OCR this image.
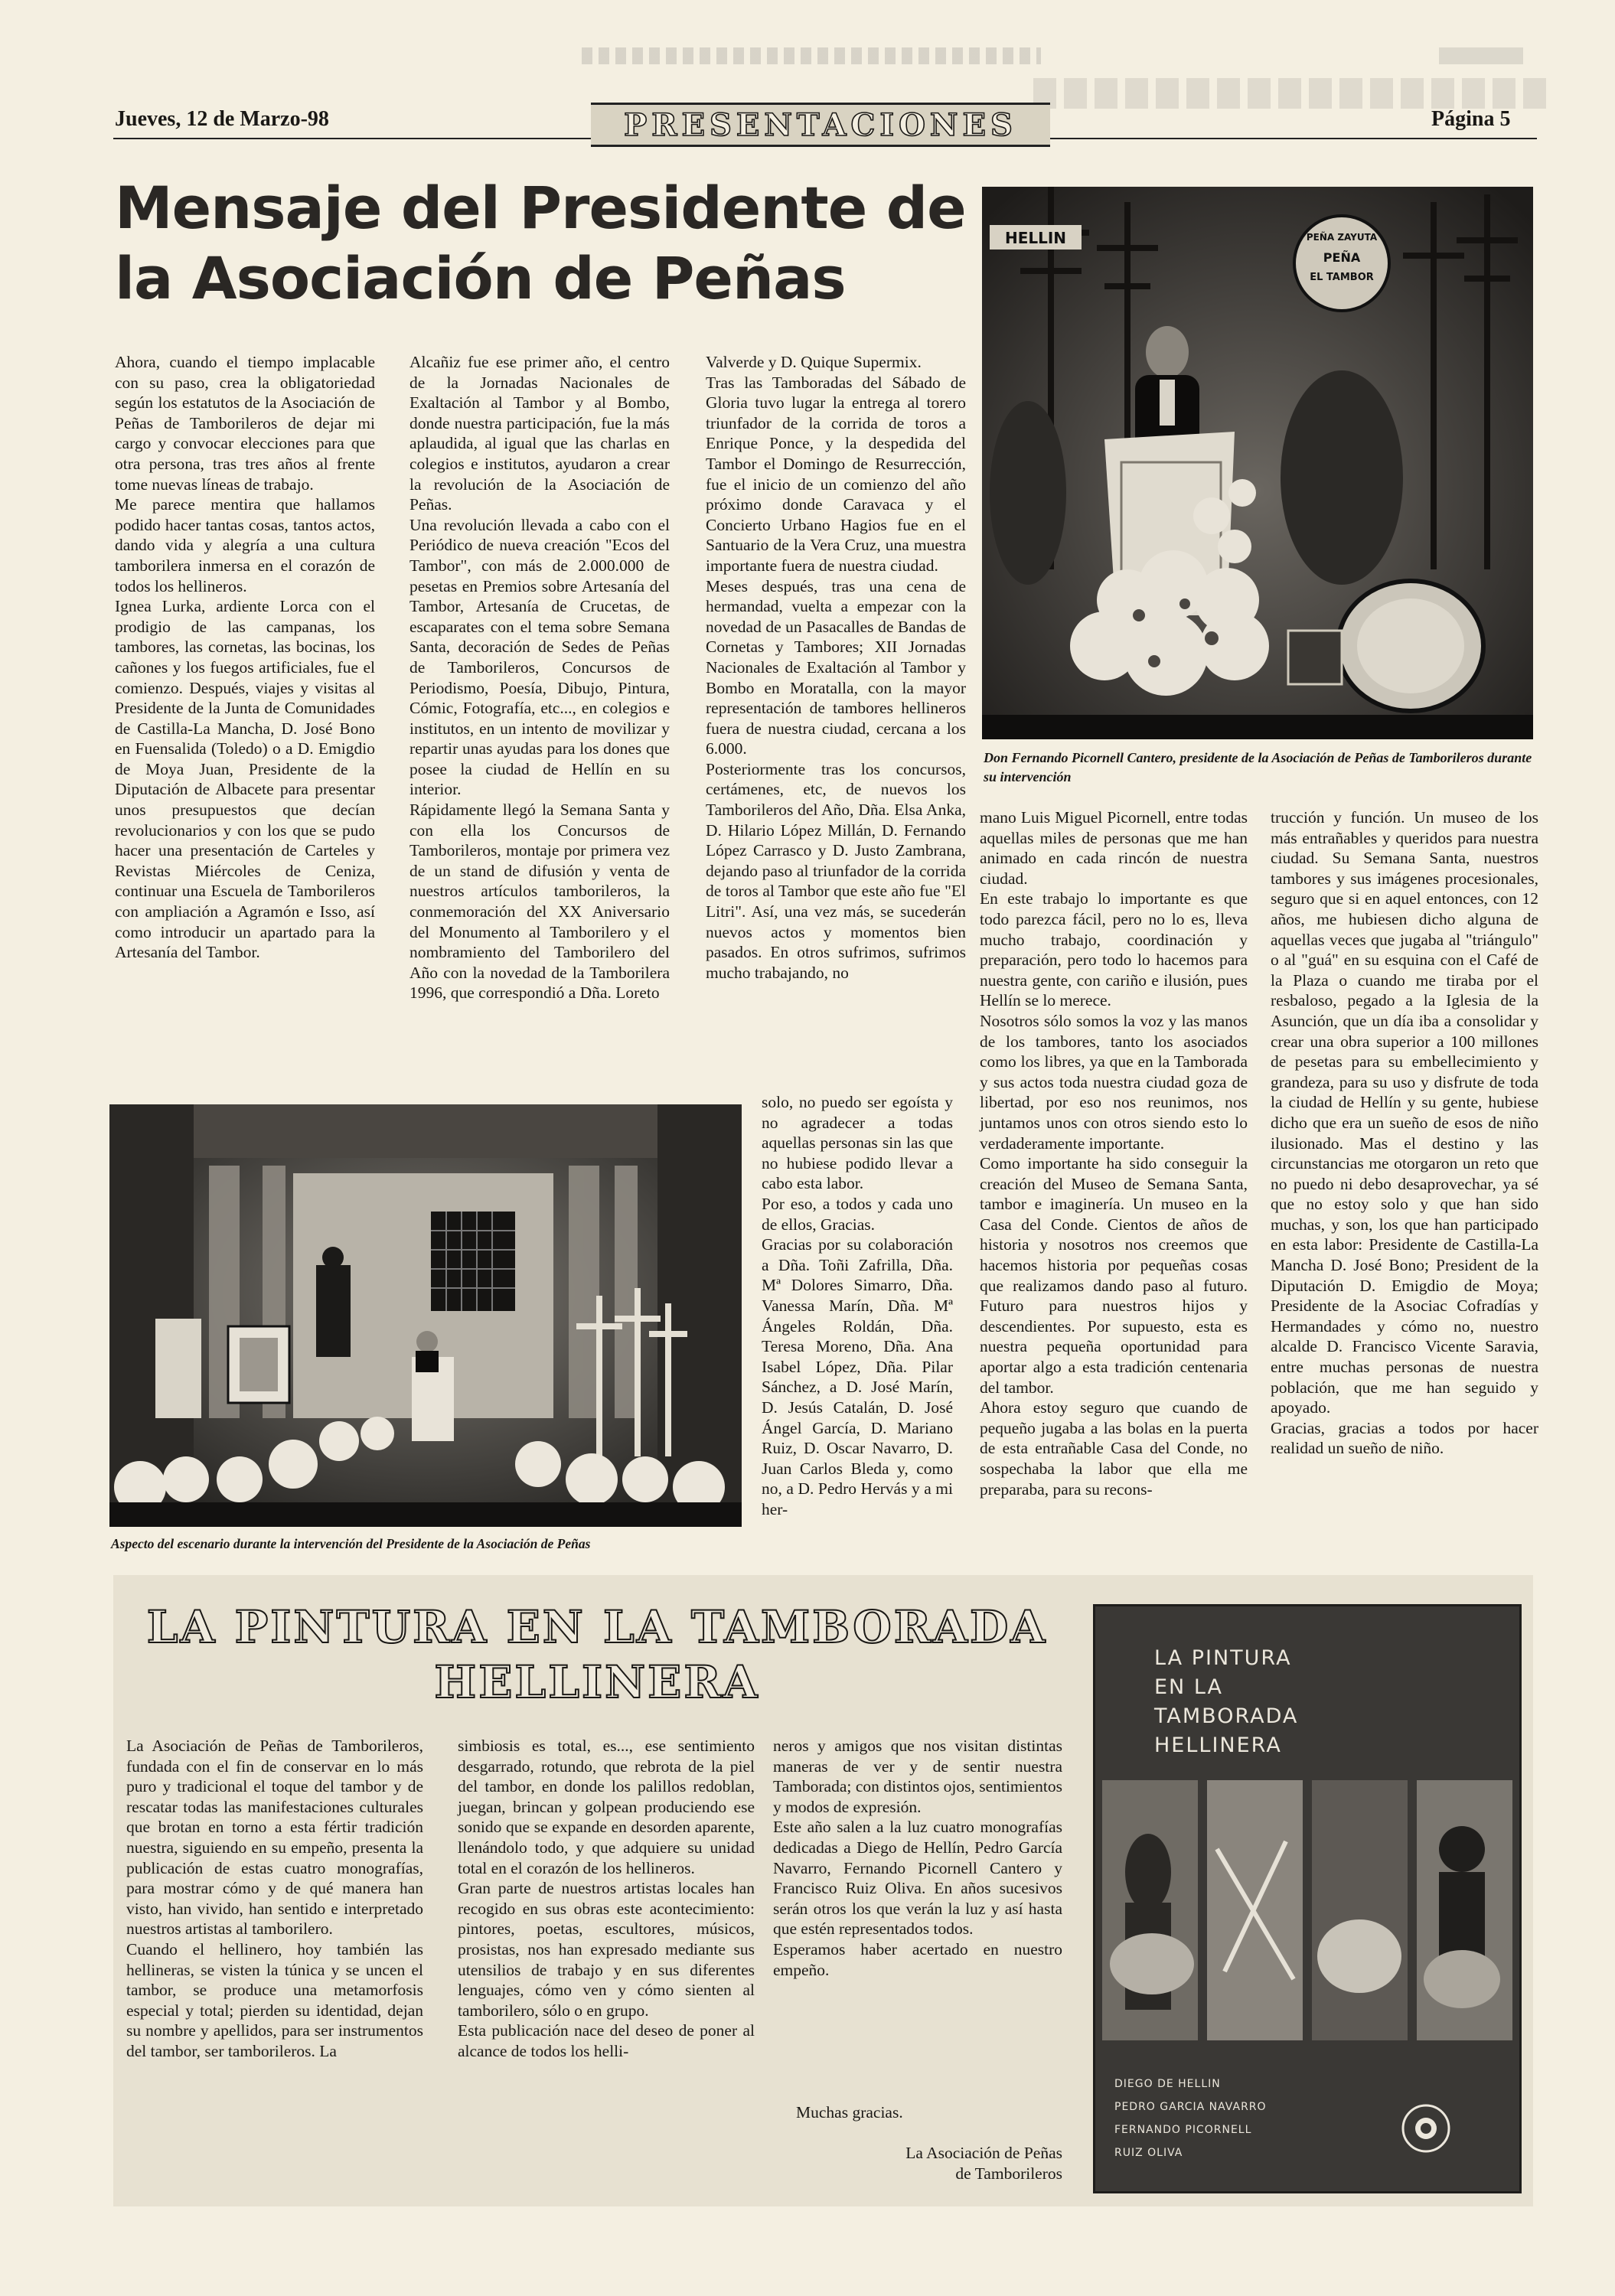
Jueves, 12 de Marzo-98	PRESENTACIONES	Página 5
Mensaje del Presidente de
la Asociación de Peñas
Ahora, cuando el tiempo implacable con su paso, crea la obligatoriedad según los estatutos de la Asociación de Peñas de Tamborileros de dejar mi cargo y convocar elecciones para que otra persona, tras tres años al frente tome nuevas líneas de trabajo.
Me parece mentira que hallamos podido hacer tantas cosas, tantos actos, dando vida y alegría a una cultura tamborilera inmersa en el corazón de todos los hellineros.
Ignea Lurka, ardiente Lorca con el prodigio de las campanas, los tambores, las cornetas, las bocinas, los cañones y los fuegos artificiales, fue el comienzo. Después, viajes y visitas al Presidente de la Junta de Comunidades de Castilla-La Mancha, D. José Bono en Fuensalida (Toledo) o a D. Emigdio de Moya Juan, Presidente de la Diputación de Albacete para presentar unos presupuestos que decían revolucionarios y con los que se pudo hacer una presentación de Carteles y Revistas Miércoles de Ceniza, continuar una Escuela de Tamborileros con ampliación a Agramón e Isso, así como introducir un apartado para la Artesanía del Tambor.
Alcañiz fue ese primer año, el centro de la Jornadas Nacionales de Exaltación al Tambor y al Bombo, donde nuestra participación, fue la más aplaudida, al igual que las charlas en colegios e institutos, ayudaron a crear la revolución de la Asociación de Peñas.
Una revolución llevada a cabo con el Periódico de nueva creación "Ecos del Tambor", con más de 2.000.000 de pesetas en Premios sobre Artesanía del Tambor, Artesanía de Crucetas, de escaparates con el tema sobre Semana Santa, decoración de Sedes de Peñas de Tamborileros, Concursos de Periodismo, Poesía, Dibujo, Pintura, Cómic, Fotografía, etc..., en colegios e institutos, en un intento de movilizar y repartir unas ayudas para los dones que posee la ciudad de Hellín en su interior.
Rápidamente llegó la Semana Santa y con ella los Concursos de Tamborileros, montaje por primera vez de un stand de difusión y venta de nuestros artículos tamborileros, la conmemoración del XX Aniversario del Monumento al Tamborilero y el nombramiento del Tamborilero del Año con la novedad de la Tamborilera 1996, que correspondió a Dña. Loreto
Valverde y D. Quique Supermix.
Tras las Tamboradas del Sábado de Gloria tuvo lugar la entrega al torero triunfador de la corrida de toros a Enrique Ponce, y la despedida del Tambor el Domingo de Resurrección, fue el inicio de un comienzo del año próximo donde Caravaca y el Concierto Urbano Hagios fue en el Santuario de la Vera Cruz, una muestra importante fuera de nuestra ciudad.
Meses después, tras una cena de hermandad, vuelta a empezar con la novedad de un Pasacalles de Bandas de Cornetas y Tambores; XII Jornadas Nacionales de Exaltación al Tambor y Bombo en Moratalla, con la mayor representación de tambores hellineros fuera de nuestra ciudad, cercana a los 6.000.
Posteriormente tras los concursos, certámenes, etc, de nuevos los Tamborileros del Año, Dña. Elsa Anka, D. Hilario López Millán, D. Fernando López Carrasco y D. Justo Zambrana, dejando paso al triunfador de la corrida de toros al Tambor que este año fue "El Litri". Así, una vez más, se sucederán nuevos actos y momentos bien pasados. En otros sufrimos, sufrimos mucho trabajando, no
solo, no puedo ser egoísta y no agradecer a todas aquellas personas sin las que no hubiese podido llevar a cabo esta labor.
Por eso, a todos y cada uno de ellos, Gracias.
Gracias por su colaboración a Dña. Toñi Zafrilla, Dña. Mª Dolores Simarro, Dña. Vanessa Marín, Dña. Mª Ángeles Roldán, Dña. Teresa Moreno, Dña. Ana Isabel López, Dña. Pilar Sánchez, a D. José Marín, D. Jesús Catalán, D. José Ángel García, D. Mariano Ruiz, D. Oscar Navarro, D. Juan Carlos Bleda y, como no, a D. Pedro Hervás y a mi her-
mano Luis Miguel Picornell, entre todas aquellas miles de personas que me han animado en cada rincón de nuestra ciudad.
En este trabajo lo importante es que todo parezca fácil, pero no lo es, lleva mucho trabajo, coordinación y preparación, pero todo lo hacemos para nuestra gente, con cariño e ilusión, pues Hellín se lo merece.
Nosotros sólo somos la voz y las manos de los tambores, tanto los asociados como los libres, ya que en la Tamborada y sus actos toda nuestra ciudad goza de libertad, por eso nos reunimos, nos juntamos unos con otros siendo esto lo verdaderamente importante.
Como importante ha sido conseguir la creación del Museo de Semana Santa, tambor e imaginería. Un museo en la Casa del Conde. Cientos de años de historia y nosotros nos creemos que hacemos historia por pequeñas cosas que realizamos dando paso al futuro. Futuro para nuestros hijos y descendientes. Por supuesto, esta es nuestra pequeña oportunidad para aportar algo a esta tradición centenaria del tambor.
Ahora estoy seguro que cuando de pequeño jugaba a las bolas en la puerta de esta entrañable Casa del Conde, no sospechaba la labor que ella me preparaba, para su recons-
trucción y función. Un museo de los más entrañables y queridos para nuestra ciudad. Su Semana Santa, nuestros tambores y sus imágenes procesionales, seguro que si en aquel entonces, con 12 años, me hubiesen dicho alguna de aquellas veces que jugaba al "triángulo" o al "guá" en su esquina con el Café de la Plaza o cuando me tiraba por el resbaloso, pegado a la Iglesia de la Asunción, que un día iba a consolidar y crear una obra superior a 100 millones de pesetas para su embellecimiento y grandeza, para su uso y disfrute de toda la ciudad de Hellín y su gente, hubiese dicho que era un sueño de esos de niño ilusionado. Mas el destino y las circunstancias me otorgaron un reto que no puedo ni debo desaprovechar, ya sé que no estoy solo y que han sido muchas, y son, los que han participado en esta labor: Presidente de Castilla-La Mancha D. José Bono; President de la Diputación D. Emigdio de Moya; Presidente de la Asociac Cofradías y Hermandades y cómo no, nuestro alcalde D. Francisco Vicente Saravia, entre muchas personas de nuestra población, que me han seguido y apoyado.
Gracias, gracias a todos por hacer realidad un sueño de niño.
HELLIN	PEÑA ZAYUTA
PEÑA
EL TAMBOR
Don Fernando Picornell Cantero, presidente de la Asociación de Peñas de Tamborileros durante su intervención
Aspecto del escenario durante la intervención del Presidente de la Asociación de Peñas
LA PINTURA EN LA TAMBORADA
HELLINERA
La Asociación de Peñas de Tamborileros, fundada con el fin de conservar en lo más puro y tradicional el toque del tambor y de rescatar todas las manifestaciones culturales que brotan en torno a esta fértir tradición nuestra, siguiendo en su empeño, presenta la publicación de estas cuatro monografías, para mostrar cómo y de qué manera han visto, han vivido, han sentido e interpretado nuestros artistas al tamborilero.
Cuando el hellinero, hoy también las hellineras, se visten la túnica y se uncen el tambor, se produce una metamorfosis especial y total; pierden su identidad, dejan su nombre y apellidos, para ser instrumentos del tambor, ser tamborileros. La
simbiosis es total, es..., ese sentimiento desgarrado, rotundo, que rebrota de la piel del tambor, en donde los palillos redoblan, juegan, brincan y golpean produciendo ese sonido que se expande en desorden aparente, llenándolo todo, y que adquiere su unidad total en el corazón de los hellineros.
Gran parte de nuestros artistas locales han recogido en sus obras este acontecimiento: pintores, poetas, escultores, músicos, prosistas, nos han expresado mediante sus utensilios de trabajo y en sus diferentes lenguajes, cómo ven y cómo sienten al tamborilero, sólo o en grupo.
Esta publicación nace del deseo de poner al alcance de todos los helli-
neros y amigos que nos visitan distintas maneras de ver y de sentir nuestra Tamborada; con distintos ojos, sentimientos y modos de expresión.
Este año salen a la luz cuatro monografías dedicadas a Diego de Hellín, Pedro García Navarro, Fernando Picornell Cantero y Francisco Ruiz Oliva. En años sucesivos serán otros los que verán la luz y así hasta que estén representados todos.
Esperamos haber acertado en nuestro empeño.
Muchas gracias.
La Asociación de Peñas
de Tamborileros
LA PINTURA
EN LA
TAMBORADA
HELLINERA
DIEGO DE HELLIN
PEDRO GARCIA NAVARRO
FERNANDO PICORNELL
RUIZ OLIVA
